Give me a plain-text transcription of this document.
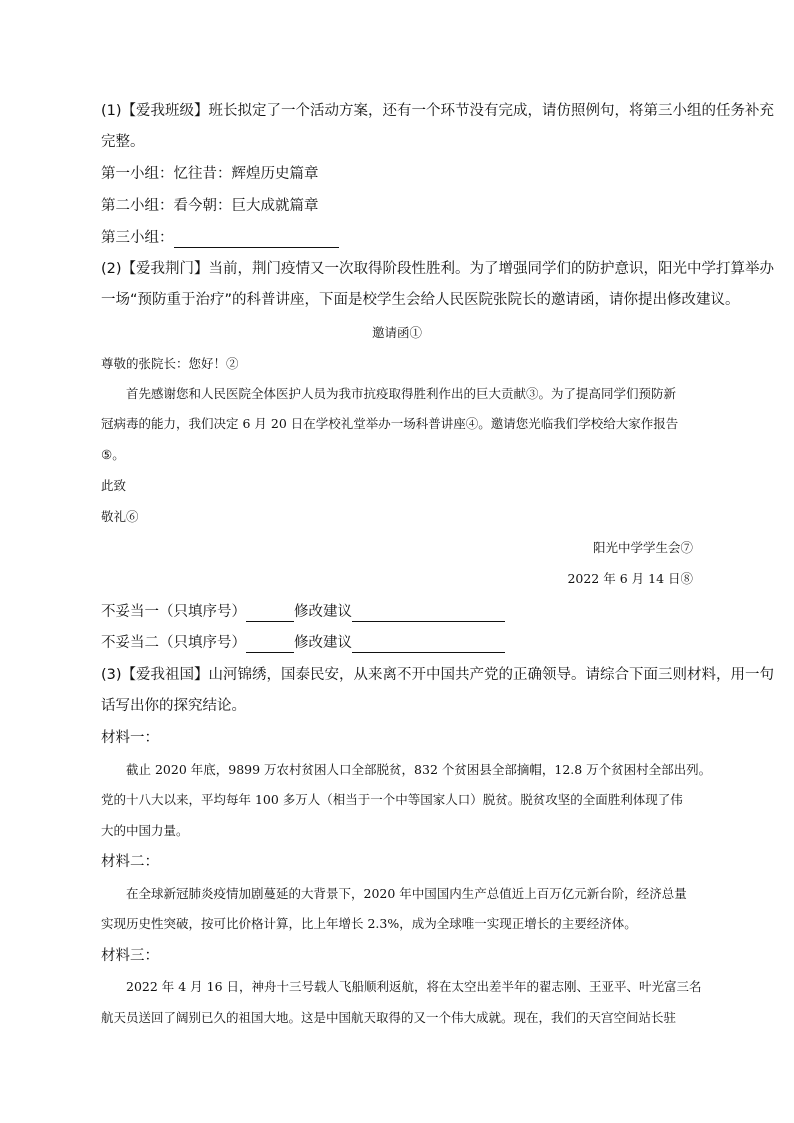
(1)【爱我班级】班长拟定了一个活动方案，还有一个环节没有完成，请仿照例句，将第三小组的任务补充
完整。
第一小组：忆往昔：辉煌历史篇章
第二小组：看今朝：巨大成就篇章
第三小组：
(2)【爱我荆门】当前，荆门疫情又一次取得阶段性胜利。为了增强同学们的防护意识，阳光中学打算举办
一场“预防重于治疗”的科普讲座，下面是校学生会给人民医院张院长的邀请函，请你提出修改建议。
邀请函①
尊敬的张院长：您好！②
首先感谢您和人民医院全体医护人员为我市抗疫取得胜利作出的巨大贡献③。为了提高同学们预防新
冠病毒的能力，我们决定 6 月 20 日在学校礼堂举办一场科普讲座④。邀请您光临我们学校给大家作报告
⑤。
此致
敬礼⑥
阳光中学学生会⑦
2022 年 6 月 14 日⑧
不妥当一（只填序号）	修改建议
不妥当二（只填序号）	修改建议
(3)【爱我祖国】山河锦绣，国泰民安，从来离不开中国共产党的正确领导。请综合下面三则材料，用一句
话写出你的探究结论。
材料一：
截止 2020 年底，9899 万农村贫困人口全部脱贫，832 个贫困县全部摘帽，12.8 万个贫困村全部出列。
党的十八大以来，平均每年 100 多万人（相当于一个中等国家人口）脱贫。脱贫攻坚的全面胜利体现了伟
大的中国力量。
材料二：
在全球新冠肺炎疫情加剧蔓延的大背景下，2020 年中国国内生产总值近上百万亿元新台阶，经济总量
实现历史性突破，按可比价格计算，比上年增长 2.3%，成为全球唯一实现正增长的主要经济体。
材料三：
2022 年 4 月 16 日，神舟十三号载人飞船顺利返航，将在太空出差半年的翟志刚、王亚平、叶光富三名
航天员送回了阔别已久的祖国大地。这是中国航天取得的又一个伟大成就。现在，我们的天宫空间站长驻
